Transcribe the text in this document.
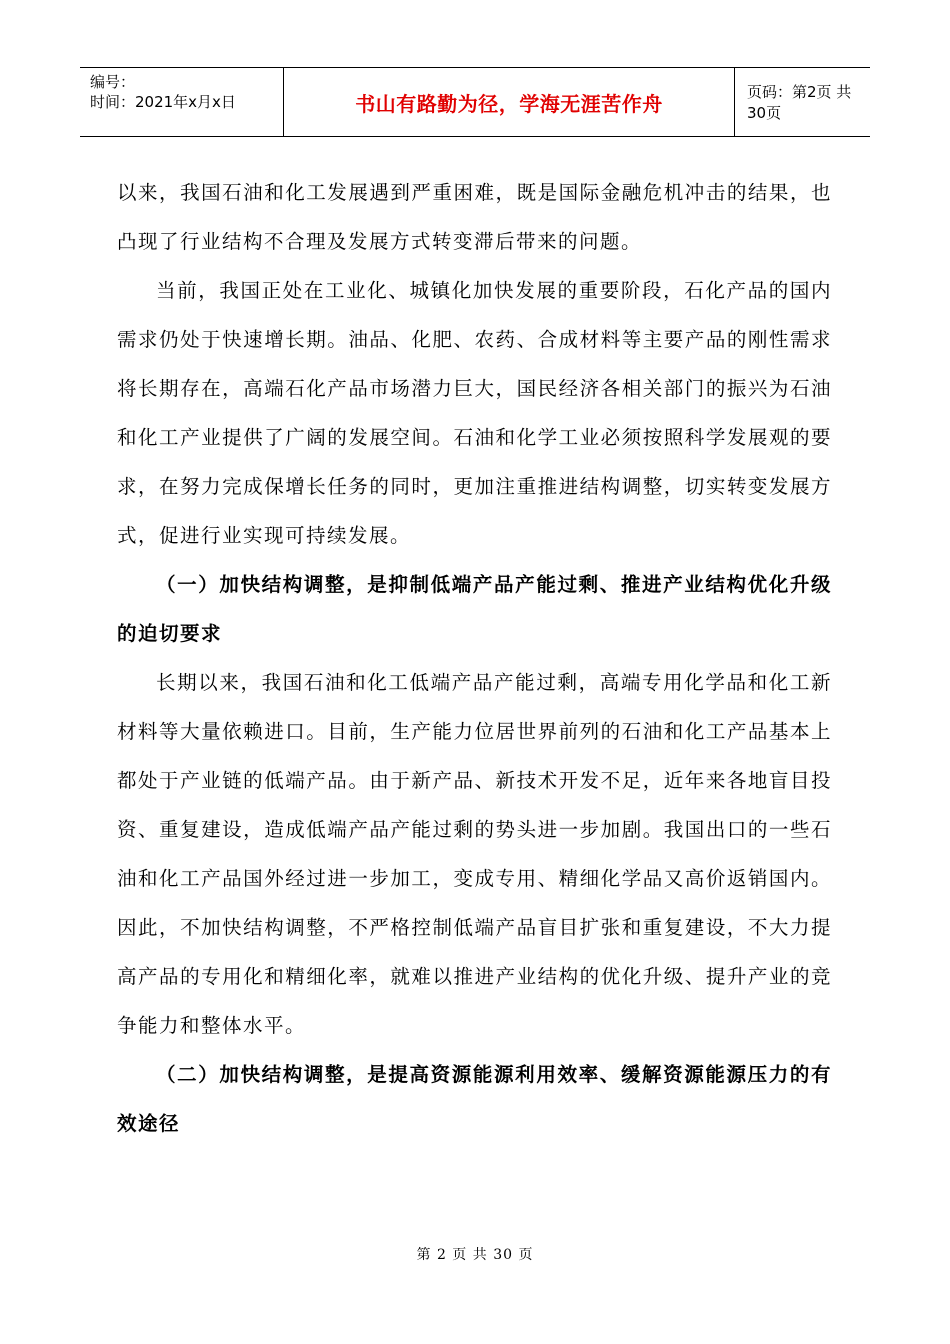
编号：
时间：2021年x月x日	书山有路勤为径，学海无涯苦作舟	页码：第2页 共30页

以来，我国石油和化工发展遇到严重困难，既是国际金融危机冲击的结果，也凸现了行业结构不合理及发展方式转变滞后带来的问题。

当前，我国正处在工业化、城镇化加快发展的重要阶段，石化产品的国内需求仍处于快速增长期。油品、化肥、农药、合成材料等主要产品的刚性需求将长期存在，高端石化产品市场潜力巨大，国民经济各相关部门的振兴为石油和化工产业提供了广阔的发展空间。石油和化学工业必须按照科学发展观的要求，在努力完成保增长任务的同时，更加注重推进结构调整，切实转变发展方式，促进行业实现可持续发展。

（一）加快结构调整，是抑制低端产品产能过剩、推进产业结构优化升级的迫切要求

长期以来，我国石油和化工低端产品产能过剩，高端专用化学品和化工新材料等大量依赖进口。目前，生产能力位居世界前列的石油和化工产品基本上都处于产业链的低端产品。由于新产品、新技术开发不足，近年来各地盲目投资、重复建设，造成低端产品产能过剩的势头进一步加剧。我国出口的一些石油和化工产品国外经过进一步加工，变成专用、精细化学品又高价返销国内。因此，不加快结构调整，不严格控制低端产品盲目扩张和重复建设，不大力提高产品的专用化和精细化率，就难以推进产业结构的优化升级、提升产业的竞争能力和整体水平。

（二）加快结构调整，是提高资源能源利用效率、缓解资源能源压力的有效途径

第 2 页 共 30 页
